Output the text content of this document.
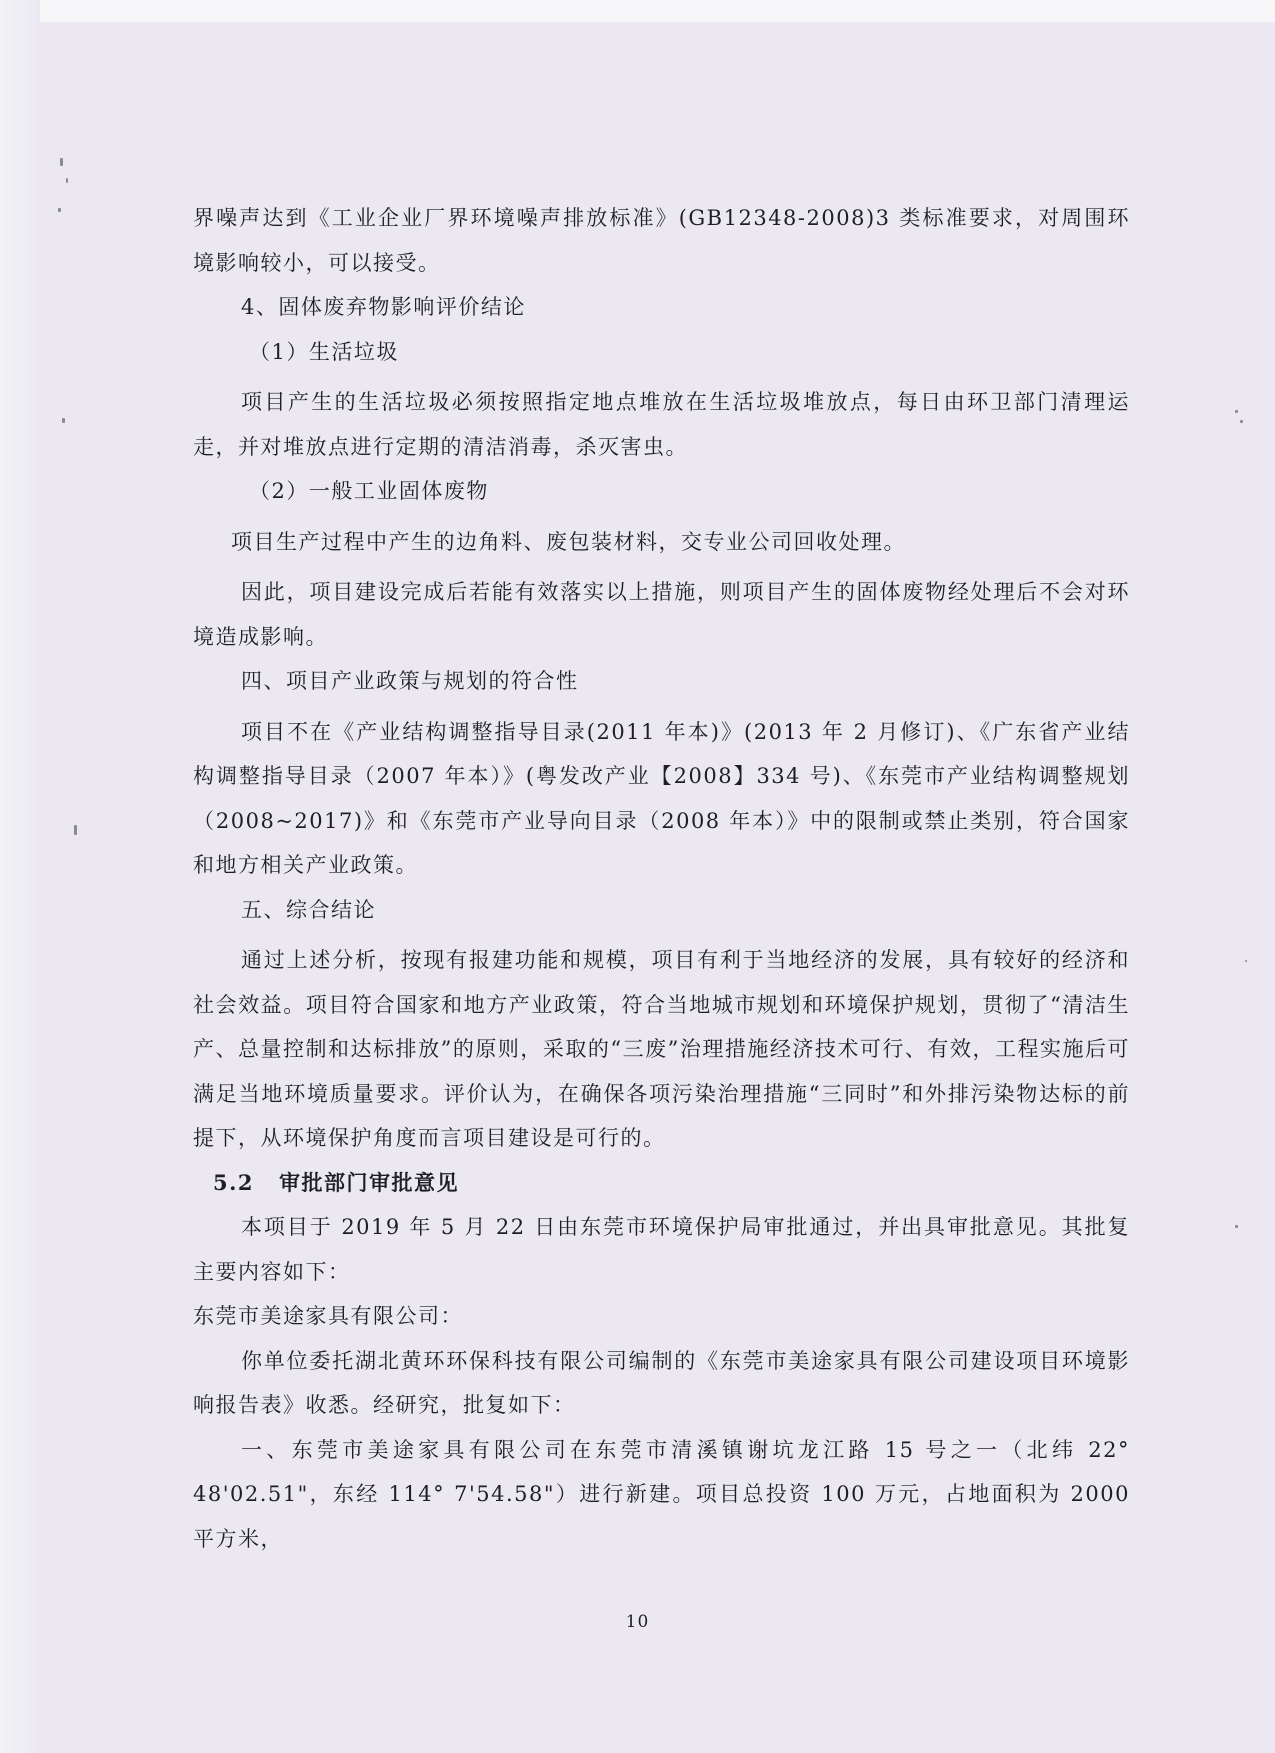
界噪声达到《工业企业厂界环境噪声排放标准》(GB12348-2008)3 类标准要求，对周围环境影响较小，可以接受。

4、固体废弃物影响评价结论

（1）生活垃圾

项目产生的生活垃圾必须按照指定地点堆放在生活垃圾堆放点，每日由环卫部门清理运走，并对堆放点进行定期的清洁消毒，杀灭害虫。

（2）一般工业固体废物

项目生产过程中产生的边角料、废包装材料，交专业公司回收处理。

因此，项目建设完成后若能有效落实以上措施，则项目产生的固体废物经处理后不会对环境造成影响。

四、项目产业政策与规划的符合性

项目不在《产业结构调整指导目录(2011 年本)》(2013 年 2 月修订)、《广东省产业结构调整指导目录（2007 年本）》(粤发改产业【2008】334 号)、《东莞市产业结构调整规划（2008~2017)》和《东莞市产业导向目录（2008 年本）》中的限制或禁止类别，符合国家和地方相关产业政策。

五、综合结论

通过上述分析，按现有报建功能和规模，项目有利于当地经济的发展，具有较好的经济和社会效益。项目符合国家和地方产业政策，符合当地城市规划和环境保护规划，贯彻了“清洁生产、总量控制和达标排放”的原则，采取的“三废”治理措施经济技术可行、有效，工程实施后可满足当地环境质量要求。评价认为，在确保各项污染治理措施“三同时”和外排污染物达标的前提下，从环境保护角度而言项目建设是可行的。

5.2 审批部门审批意见

本项目于 2019 年 5 月 22 日由东莞市环境保护局审批通过，并出具审批意见。其批复主要内容如下：

东莞市美途家具有限公司：

你单位委托湖北黄环环保科技有限公司编制的《东莞市美途家具有限公司建设项目环境影响报告表》收悉。经研究，批复如下：

一、东莞市美途家具有限公司在东莞市清溪镇谢坑龙江路 15 号之一（北纬 22° 48'02.51"，东经 114° 7'54.58"）进行新建。项目总投资 100 万元，占地面积为 2000 平方米，

10
